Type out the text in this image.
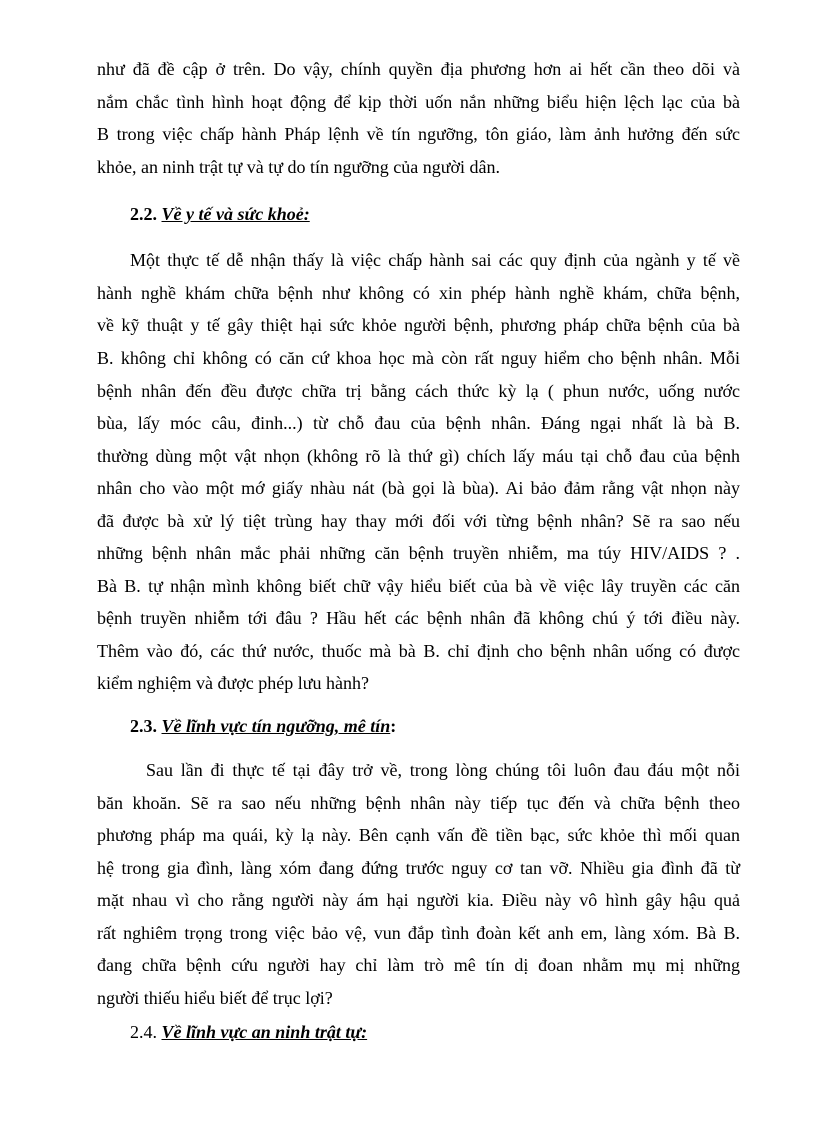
như đã đề cập ở trên. Do vậy, chính quyền địa phương hơn ai hết cần theo dõi và
nắm chắc tình hình hoạt động để kịp thời uốn nắn những biểu hiện lệch lạc của bà
B trong việc chấp hành Pháp lệnh về tín ngưỡng, tôn giáo, làm ảnh hưởng đến sức
khỏe, an ninh trật tự và tự do tín ngưỡng của người dân.
2.2. Về y tế và sức khoẻ:
Một thực tế dễ nhận thấy là việc chấp hành sai các quy định của ngành y tế về
hành nghề khám chữa bệnh như không có xin phép hành nghề khám, chữa bệnh,
về kỹ thuật y tế gây thiệt hại sức khỏe người bệnh, phương pháp chữa bệnh của bà
B. không chỉ không có căn cứ khoa học mà còn rất nguy hiểm cho bệnh nhân. Mỗi
bệnh nhân đến đều được chữa trị bằng cách thức kỳ lạ ( phun nước, uống nước
bùa, lấy móc câu, đinh...) từ chỗ đau của bệnh nhân. Đáng ngại nhất là bà B.
thường dùng một vật nhọn (không rõ là thứ gì) chích lấy máu tại chỗ đau của bệnh
nhân cho vào một mớ giấy nhàu nát (bà gọi là bùa). Ai bảo đảm rằng vật nhọn này
đã được bà xử lý tiệt trùng hay thay mới đối với từng bệnh nhân? Sẽ ra sao nếu
những bệnh nhân mắc phải những căn bệnh truyền nhiễm, ma túy HIV/AIDS ? .
Bà B. tự nhận mình không biết chữ vậy hiểu biết của bà về việc lây truyền các căn
bệnh truyền nhiễm tới đâu ? Hầu hết các bệnh nhân đã không chú ý tới điều này.
Thêm vào đó, các thứ nước, thuốc mà bà B. chỉ định cho bệnh nhân uống có được
kiểm nghiệm và được phép lưu hành?
2.3. Về lĩnh vực tín ngưỡng, mê tín:
Sau lần đi thực tế tại đây trở về, trong lòng chúng tôi luôn đau đáu một nỗi
băn khoăn. Sẽ ra sao nếu những bệnh nhân này tiếp tục đến và chữa bệnh theo
phương pháp ma quái, kỳ lạ này. Bên cạnh vấn đề tiền bạc, sức khỏe thì mối quan
hệ trong gia đình, làng xóm đang đứng trước nguy cơ tan vỡ. Nhiều gia đình đã từ
mặt nhau vì cho rằng người này ám hại người kia. Điều này vô hình gây hậu quả
rất nghiêm trọng trong việc bảo vệ, vun đắp tình đoàn kết anh em, làng xóm. Bà B.
đang chữa bệnh cứu người hay chỉ làm trò mê tín dị đoan nhằm mụ mị những
người thiếu hiểu biết để trục lợi?
2.4. Về lĩnh vực an ninh trật tự:
